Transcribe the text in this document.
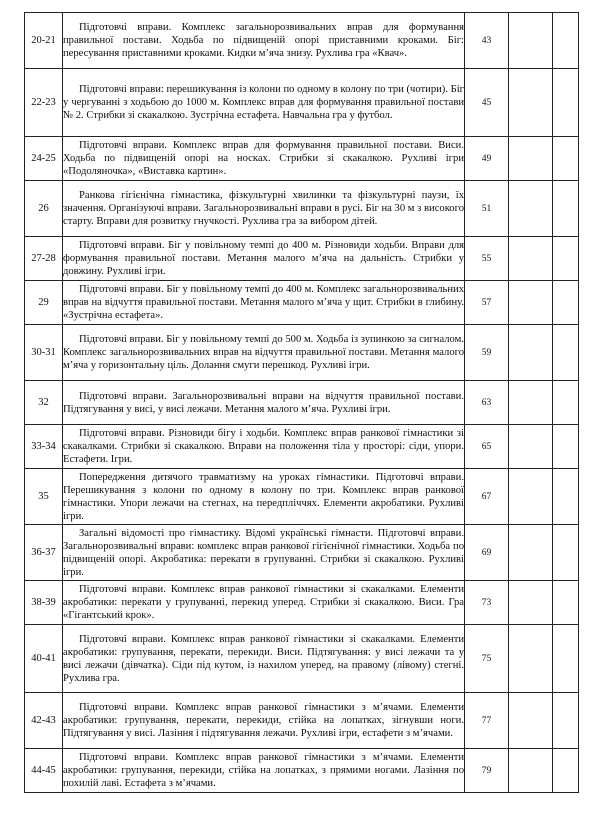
20-21	Підготовчі вправи. Комплекс загальнорозвивальних вправ для формування правильної постави. Ходьба по підвищеній опорі приставними кроками. Біг: пересування приставними кроками. Кидки м’яча знизу. Рухлива гра «Квач».	43		
22-23	Підготовчі вправи: перешикування із колони по одному в колону по три (чотири). Біг у чергуванні з ходьбою до 1000 м. Комплекс вправ для формування правильної постави № 2. Стрибки зі скакалкою. Зустрічна естафета. Навчальна гра у футбол.	45		
24-25	Підготовчі вправи. Комплекс вправ для формування правильної постави. Виси. Ходьба по підвищеній опорі на носках. Стрибки зі скакалкою. Рухливі ігри «Подоляночка», «Виставка картин».	49		
26	Ранкова гігієнічна гімнастика, фізкультурні хвилинки та фізкультурні паузи, їх значення. Організуючі вправи. Загальнорозвивальні вправи в русі. Біг на 30 м з високого старту. Вправи для розвитку гнучкості. Рухлива гра за вибором дітей.	51		
27-28	Підготовчі вправи. Біг у повільному темпі до 400 м. Різновиди ходьби. Вправи для формування правильної постави. Метання малого м’яча на дальність. Стрибки у довжину. Рухливі ігри.	55		
29	Підготовчі вправи. Біг у повільному темпі до 400 м. Комплекс загальнорозвивальних вправ на відчуття правильної постави. Метання малого м’яча у щит. Стрибки в глибину. «Зустрічна естафета».	57		
30-31	Підготовчі вправи. Біг у повільному темпі до 500 м. Ходьба із зупинкою за сигналом. Комплекс загальнорозвивальних вправ на відчуття правильної постави. Метання малого м’яча у горизонтальну ціль. Долання смуги перешкод. Рухливі ігри.	59		
32	Підготовчі вправи. Загальнорозвивальні вправи на відчуття правильної постави. Підтягування у висі, у висі лежачи. Метання малого м’яча. Рухливі ігри.	63		
33-34	Підготовчі вправи. Різновиди бігу і ходьби. Комплекс вправ ранкової гімнастики зі скакалками. Стрибки зі скакалкою. Вправи на положення тіла у просторі: сіди, упори. Естафети. Ігри.	65		
35	Попередження дитячого травматизму на уроках гімнастики. Підготовчі вправи. Перешикування з колони по одному в колону по три. Комплекс вправ ранкової гімнастики. Упори лежачи на стегнах, на передпліччях. Елементи акробатики. Рухливі ігри.	67		
36-37	Загальні відомості про гімнастику. Відомі українські гімнасти. Підготовчі вправи. Загальнорозвивальні вправи: комплекс вправ ранкової гігієнічної гімнастики. Ходьба по підвищеній опорі. Акробатика: перекати в групуванні. Стрибки зі скакалкою. Рухливі ігри.	69		
38-39	Підготовчі вправи. Комплекс вправ ранкової гімнастики зі скакалками. Елементи акробатики: перекати у групуванні, перекид уперед. Стрибки зі скакалкою. Виси. Гра «Гігантський крок».	73		
40-41	Підготовчі вправи. Комплекс вправ ранкової гімнастики зі скакалками. Елементи акробатики: групування, перекати, перекиди. Виси. Підтягування: у висі лежачи та у висі лежачи (дівчатка). Сіди під кутом, із нахилом уперед, на правому (лівому) стегні. Рухлива гра.	75		
42-43	Підготовчі вправи. Комплекс вправ ранкової гімнастики з м’ячами. Елементи акробатики: групування, перекати, перекиди, стійка на лопатках, зігнувши ноги. Підтягування у висі. Лазіння і підтягування лежачи. Рухливі ігри, естафети з м’ячами.	77		
44-45	Підготовчі вправи. Комплекс вправ ранкової гімнастики з м’ячами. Елементи акробатики: групування, перекиди, стійка на лопатках, з прямими ногами. Лазіння по похилій лаві. Естафета з м’ячами.	79		
